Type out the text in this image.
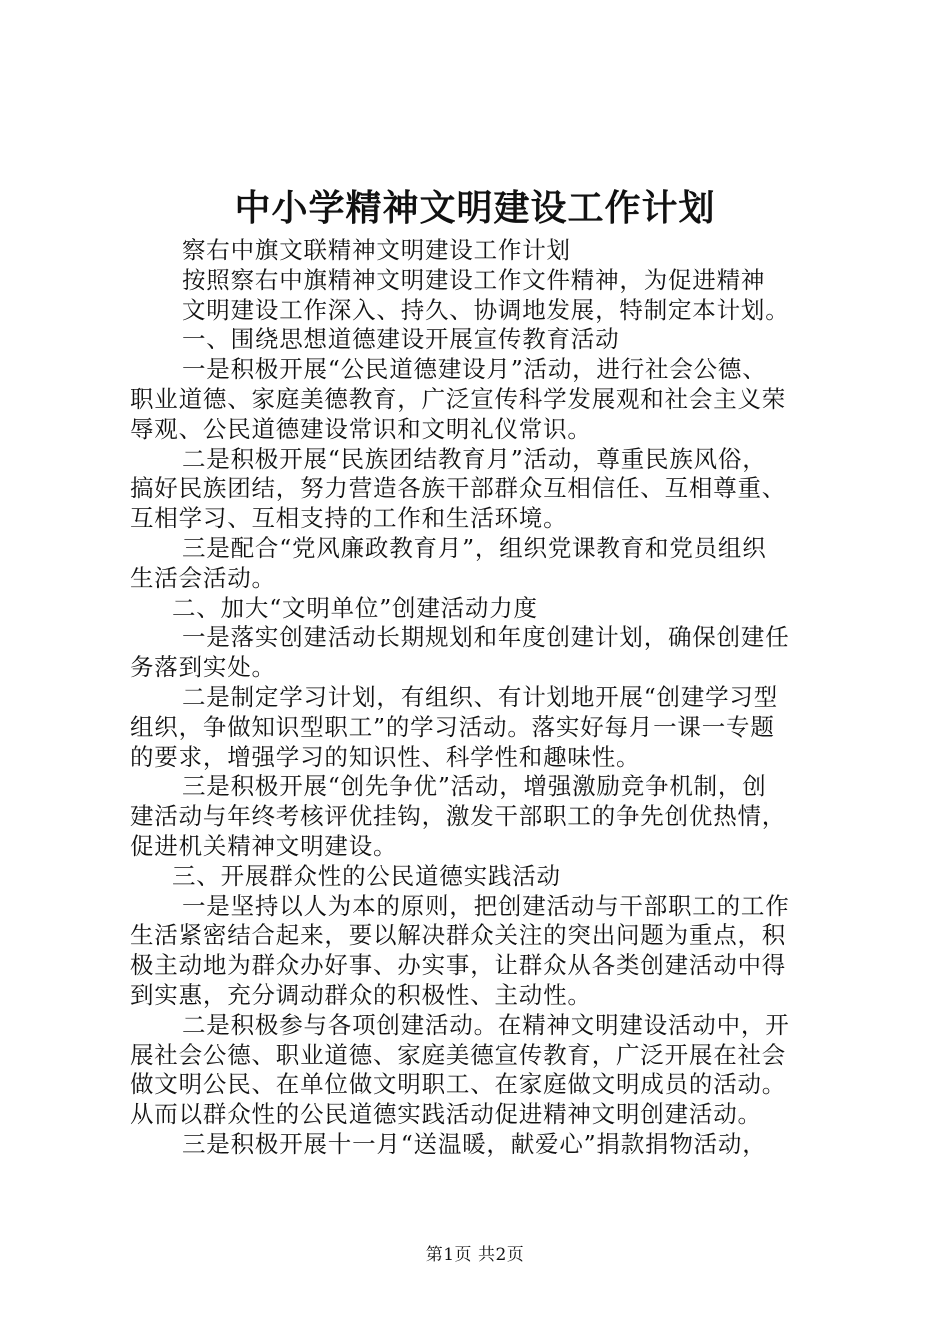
中小学精神文明建设工作计划
察右中旗文联精神文明建设工作计划
按照察右中旗精神文明建设工作文件精神，为促进精神
文明建设工作深入、持久、协调地发展，特制定本计划。
一、围绕思想道德建设开展宣传教育活动
一是积极开展“公民道德建设月”活动，进行社会公德、
职业道德、家庭美德教育，广泛宣传科学发展观和社会主义荣
辱观、公民道德建设常识和文明礼仪常识。
二是积极开展“民族团结教育月”活动，尊重民族风俗，
搞好民族团结，努力营造各族干部群众互相信任、互相尊重、
互相学习、互相支持的工作和生活环境。
三是配合“党风廉政教育月”，组织党课教育和党员组织
生活会活动。
二、加大“文明单位”创建活动力度
一是落实创建活动长期规划和年度创建计划，确保创建任
务落到实处。
二是制定学习计划，有组织、有计划地开展“创建学习型
组织，争做知识型职工”的学习活动。落实好每月一课一专题
的要求，增强学习的知识性、科学性和趣味性。
三是积极开展“创先争优”活动，增强激励竞争机制，创
建活动与年终考核评优挂钩，激发干部职工的争先创优热情，
促进机关精神文明建设。
三、开展群众性的公民道德实践活动
一是坚持以人为本的原则，把创建活动与干部职工的工作
生活紧密结合起来，要以解决群众关注的突出问题为重点，积
极主动地为群众办好事、办实事，让群众从各类创建活动中得
到实惠，充分调动群众的积极性、主动性。
二是积极参与各项创建活动。在精神文明建设活动中，开
展社会公德、职业道德、家庭美德宣传教育，广泛开展在社会
做文明公民、在单位做文明职工、在家庭做文明成员的活动。
从而以群众性的公民道德实践活动促进精神文明创建活动。
三是积极开展十一月“送温暖，献爱心”捐款捐物活动，
第1页 共2页
